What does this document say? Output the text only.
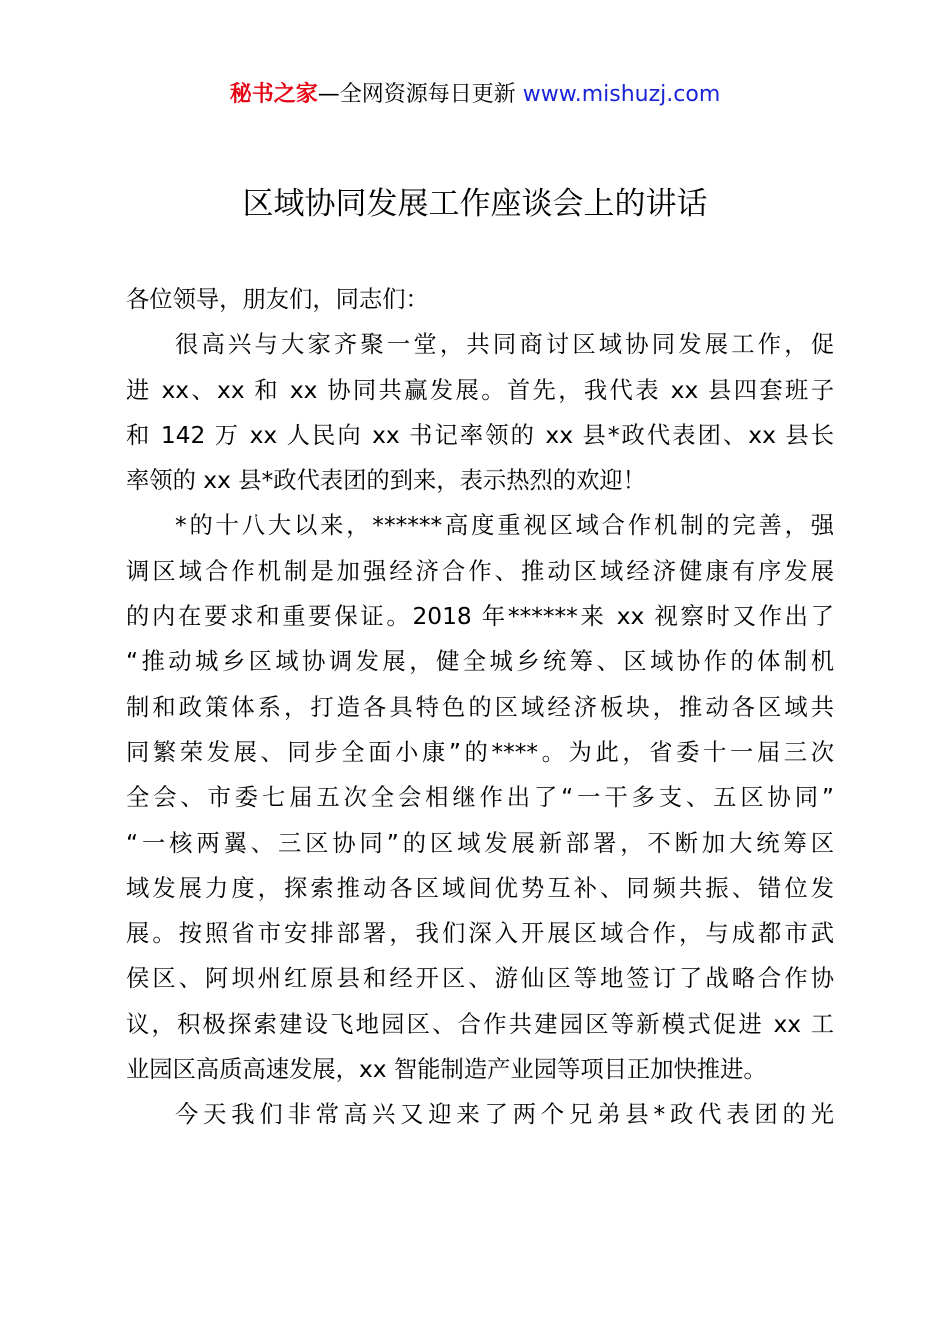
秘书之家—全网资源每日更新 www.mishuzj.com
区域协同发展工作座谈会上的讲话
各位领导，朋友们，同志们：
很高兴与大家齐聚一堂，共同商讨区域协同发展工作，促
进 xx、xx 和 xx 协同共赢发展。首先，我代表 xx 县四套班子
和 142 万 xx 人民向 xx 书记率领的 xx 县*政代表团、xx 县长
率领的 xx 县*政代表团的到来，表示热烈的欢迎！
*的十八大以来，******高度重视区域合作机制的完善，强
调区域合作机制是加强经济合作、推动区域经济健康有序发展
的内在要求和重要保证。2018 年******来 xx 视察时又作出了
“推动城乡区域协调发展，健全城乡统筹、区域协作的体制机
制和政策体系，打造各具特色的区域经济板块，推动各区域共
同繁荣发展、同步全面小康”的****。为此，省委十一届三次
全会、市委七届五次全会相继作出了“一干多支、五区协同”
“一核两翼、三区协同”的区域发展新部署，不断加大统筹区
域发展力度，探索推动各区域间优势互补、同频共振、错位发
展。按照省市安排部署，我们深入开展区域合作，与成都市武
侯区、阿坝州红原县和经开区、游仙区等地签订了战略合作协
议，积极探索建设飞地园区、合作共建园区等新模式促进 xx 工
业园区高质高速发展，xx 智能制造产业园等项目正加快推进。
今天我们非常高兴又迎来了两个兄弟县*政代表团的光
